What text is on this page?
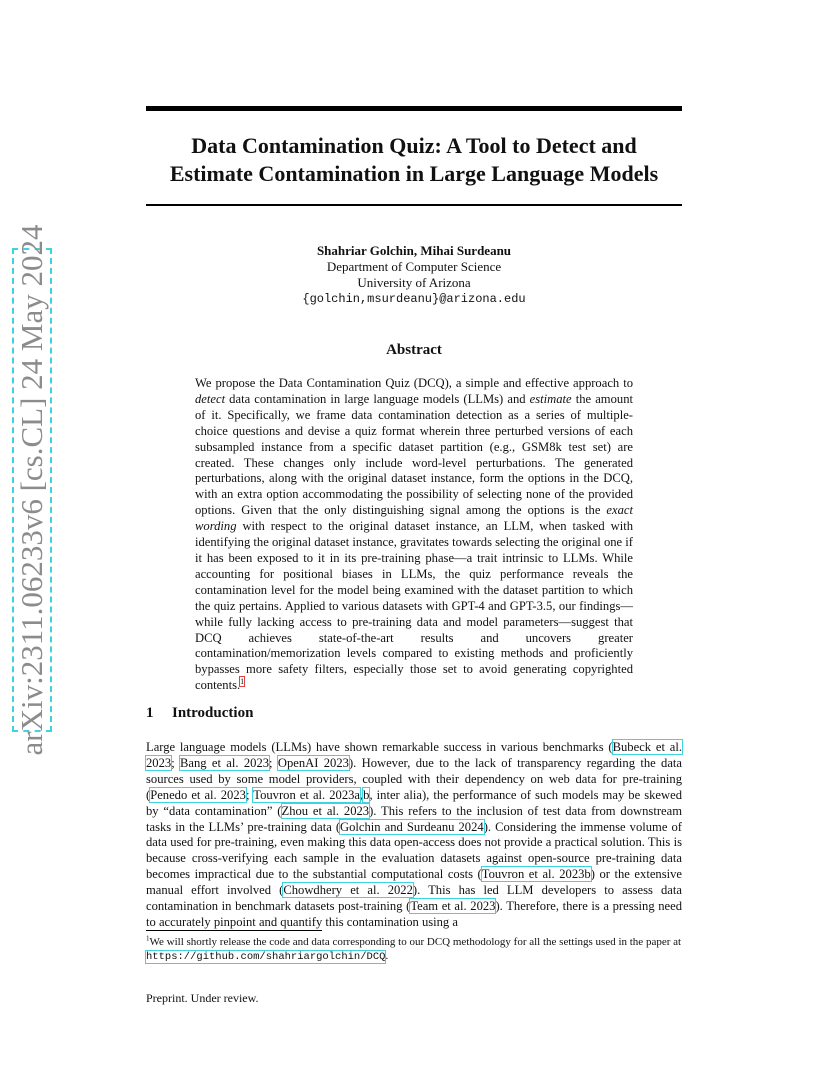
arXiv:2311.06233v6 [cs.CL] 24 May 2024
Data Contamination Quiz: A Tool to Detect and
Estimate Contamination in Large Language Models
Shahriar Golchin, Mihai Surdeanu
Department of Computer Science
University of Arizona
{golchin,msurdeanu}@arizona.edu
Abstract
We propose the Data Contamination Quiz (DCQ), a simple and effective approach to detect data contamination in large language models (LLMs) and estimate the amount of it. Specifically, we frame data contamination detection as a series of multiple-choice questions and devise a quiz format wherein three perturbed versions of each subsampled instance from a specific dataset partition (e.g., GSM8k test set) are created. These changes only include word-level perturbations. The generated perturbations, along with the original dataset instance, form the options in the DCQ, with an extra option accommodating the possibility of selecting none of the provided options. Given that the only distinguishing signal among the options is the exact wording with respect to the original dataset instance, an LLM, when tasked with identifying the original dataset instance, gravitates towards selecting the original one if it has been exposed to it in its pre-training phase—a trait intrinsic to LLMs. While accounting for positional biases in LLMs, the quiz performance reveals the contamination level for the model being examined with the dataset partition to which the quiz pertains. Applied to various datasets with GPT-4 and GPT-3.5, our findings—while fully lacking access to pre-training data and model parameters—suggest that DCQ achieves state-of-the-art results and uncovers greater contamination/memorization levels compared to existing methods and proficiently bypasses more safety filters, especially those set to avoid generating copyrighted contents.$^1$
1 Introduction
Large language models (LLMs) have shown remarkable success in various benchmarks (Bubeck et al. 2023; Bang et al. 2023; OpenAI 2023). However, due to the lack of transparency regarding the data sources used by some model providers, coupled with their dependency on web data for pre-training (Penedo et al. 2023; Touvron et al. 2023a,b, inter alia), the performance of such models may be skewed by “data contamination” (Zhou et al. 2023). This refers to the inclusion of test data from downstream tasks in the LLMs’ pre-training data (Golchin and Surdeanu 2024). Considering the immense volume of data used for pre-training, even making this data open-access does not provide a practical solution. This is because cross-verifying each sample in the evaluation datasets against open-source pre-training data becomes impractical due to the substantial computational costs (Touvron et al. 2023b) or the extensive manual effort involved (Chowdhery et al. 2022). This has led LLM developers to assess data contamination in benchmark datasets post-training (Team et al. 2023). Therefore, there is a pressing need to accurately pinpoint and quantify this contamination using a
$^1$We will shortly release the code and data corresponding to our DCQ methodology for all the settings used in the paper at https://github.com/shahriargolchin/DCQ.
Preprint. Under review.
